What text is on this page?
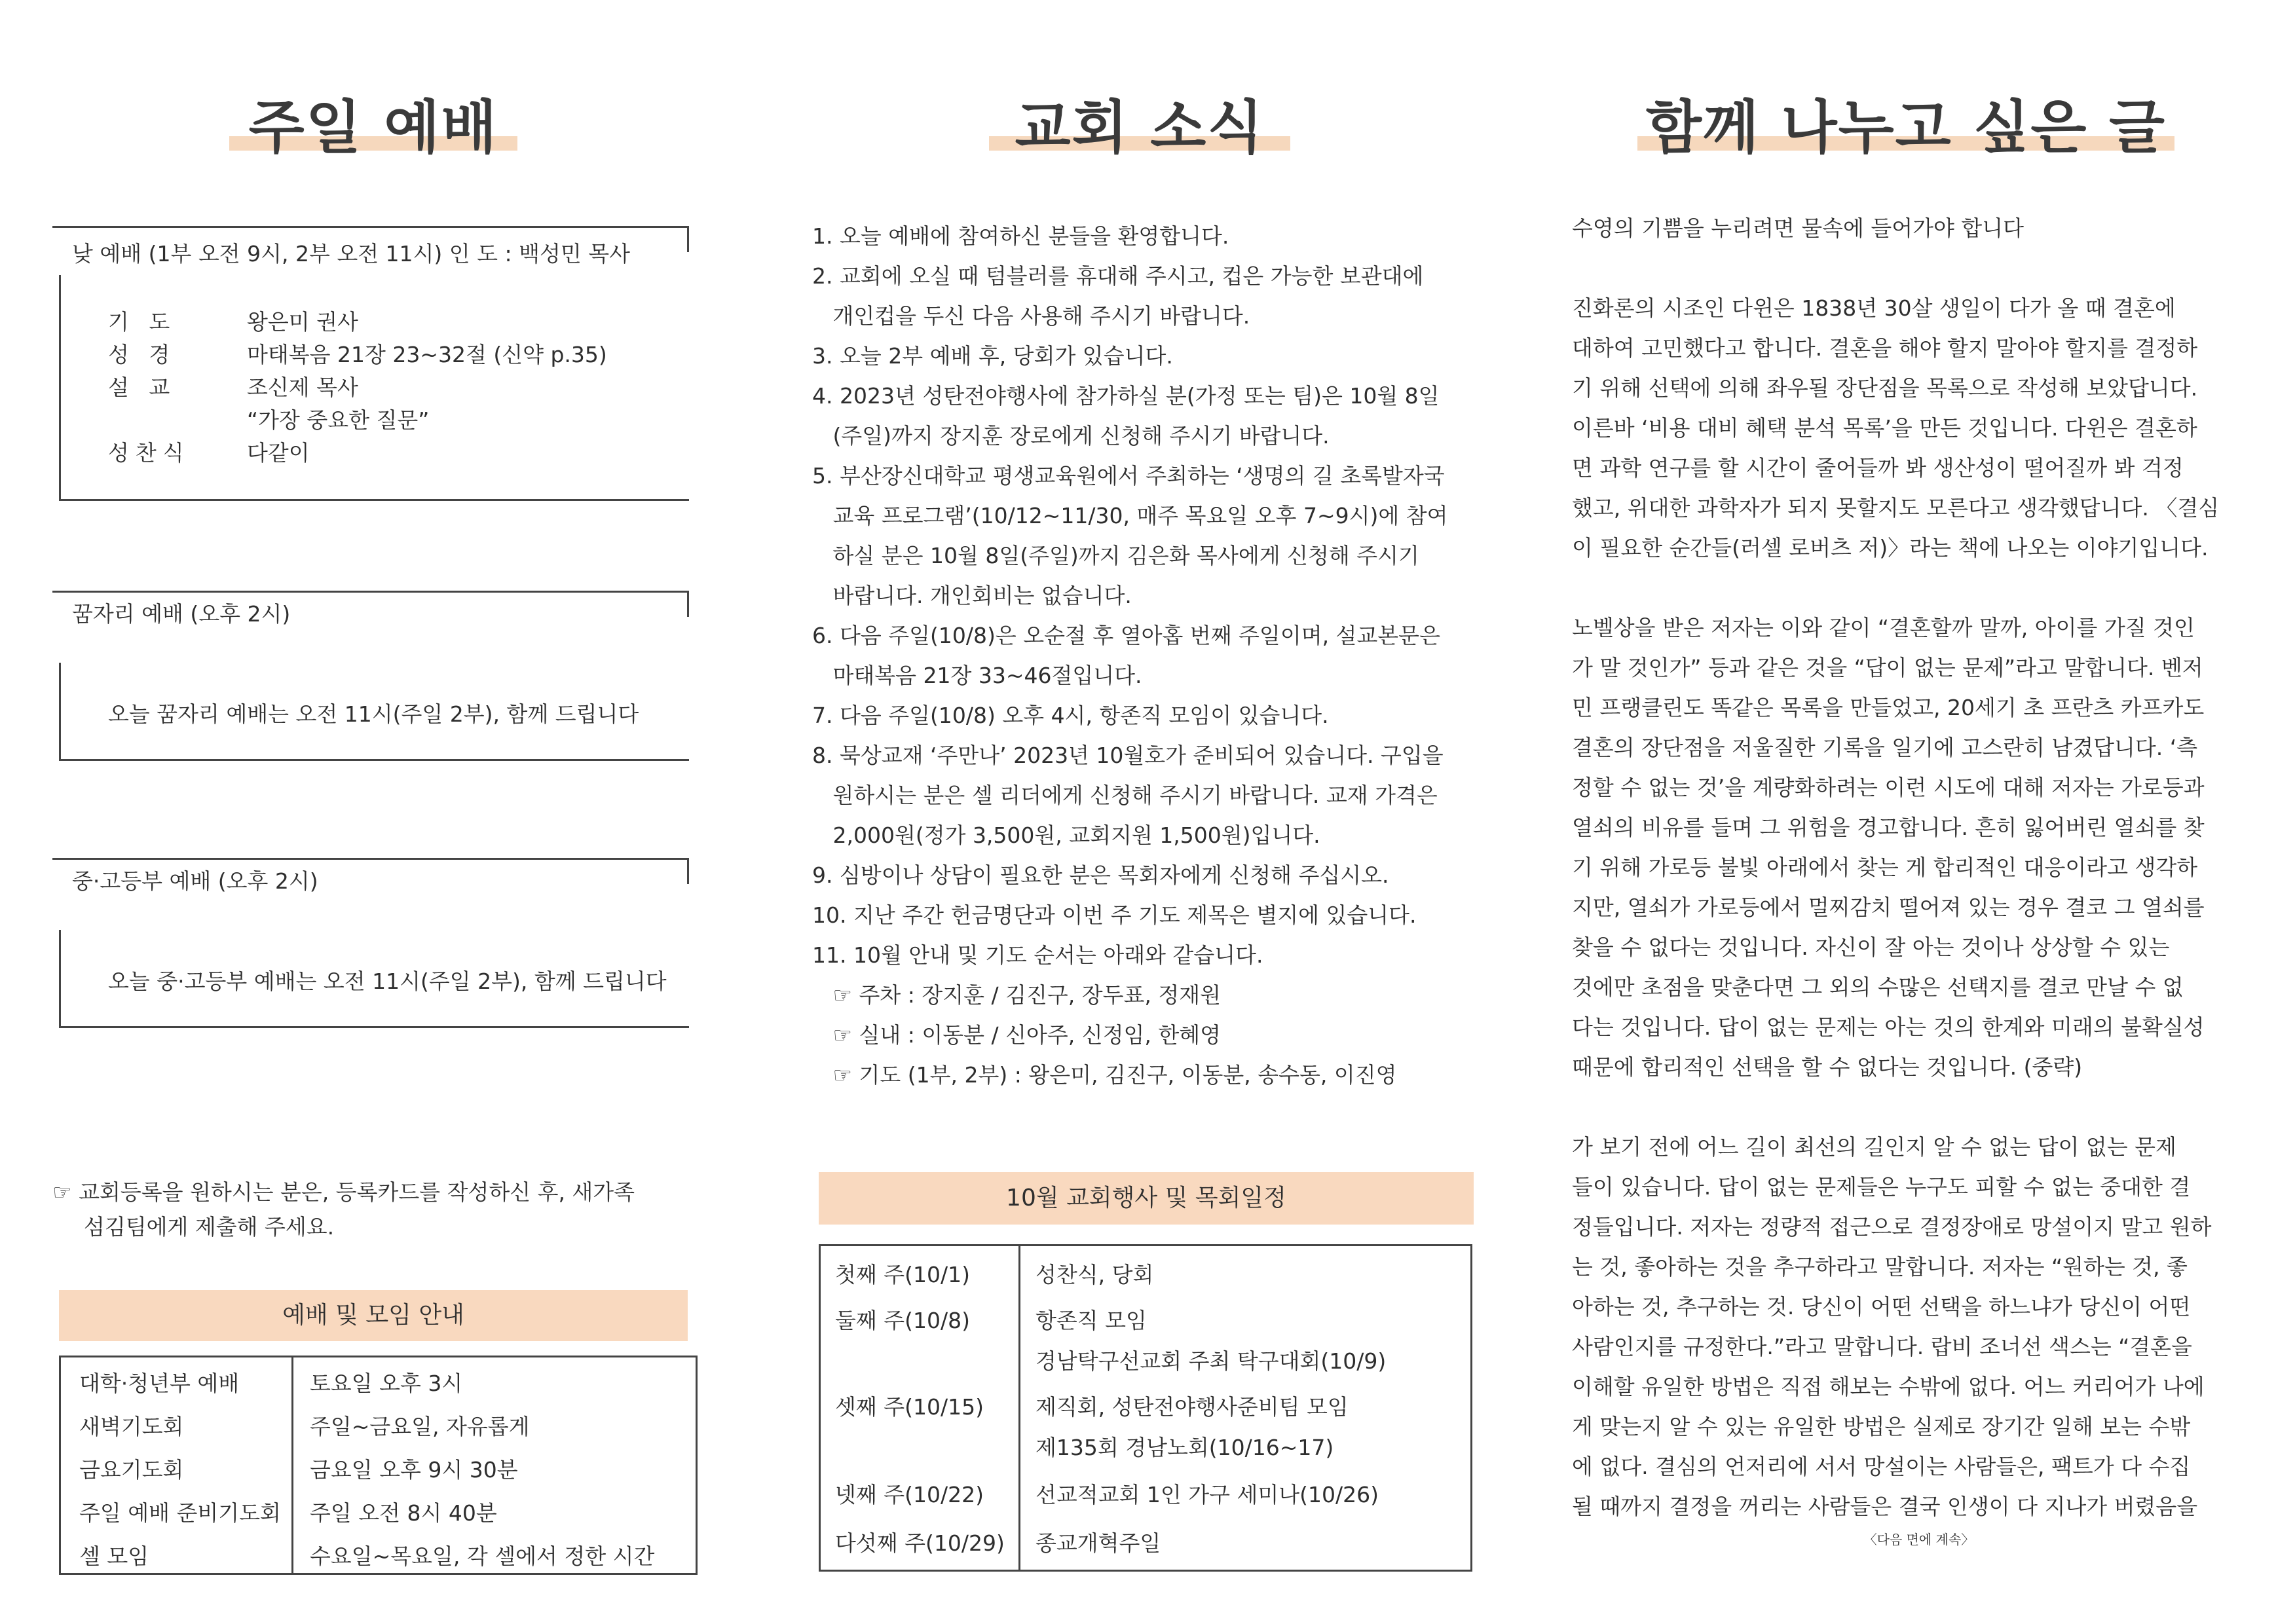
주일 예배
낮 예배 (1부 오전 9시, 2부 오전 11시) 인 도 : 백성민 목사
기 도	왕은미 권사
성 경	마태복음 21장 23~32절 (신약 p.35)
설 교	조신제 목사
“가장 중요한 질문”
성찬식	다같이
꿈자리 예배 (오후 2시)
오늘 꿈자리 예배는 오전 11시(주일 2부), 함께 드립니다
중·고등부 예배 (오후 2시)
오늘 중·고등부 예배는 오전 11시(주일 2부), 함께 드립니다
☞ 교회등록을 원하시는 분은, 등록카드를 작성하신 후, 새가족
섬김팀에게 제출해 주세요.
예배 및 모임 안내
대학·청년부 예배	토요일 오후 3시
새벽기도회	주일~금요일, 자유롭게
금요기도회	금요일 오후 9시 30분
주일 예배 준비기도회 주일 오전 8시 40분
셀 모임	수요일~목요일, 각 셀에서 정한 시간
교회 소식
1. 오늘 예배에 참여하신 분들을 환영합니다.
2. 교회에 오실 때 텀블러를 휴대해 주시고, 컵은 가능한 보관대에
개인컵을 두신 다음 사용해 주시기 바랍니다.
3. 오늘 2부 예배 후, 당회가 있습니다.
4. 2023년 성탄전야행사에 참가하실 분(가정 또는 팀)은 10월 8일
(주일)까지 장지훈 장로에게 신청해 주시기 바랍니다.
5. 부산장신대학교 평생교육원에서 주최하는 ‘생명의 길 초록발자국
교육 프로그램’(10/12~11/30, 매주 목요일 오후 7~9시)에 참여
하실 분은 10월 8일(주일)까지 김은화 목사에게 신청해 주시기
바랍니다. 개인회비는 없습니다.
6. 다음 주일(10/8)은 오순절 후 열아홉 번째 주일이며, 설교본문은
마태복음 21장 33~46절입니다.
7. 다음 주일(10/8) 오후 4시, 항존직 모임이 있습니다.
8. 묵상교재 ‘주만나’ 2023년 10월호가 준비되어 있습니다. 구입을
원하시는 분은 셀 리더에게 신청해 주시기 바랍니다. 교재 가격은
2,000원(정가 3,500원, 교회지원 1,500원)입니다.
9. 심방이나 상담이 필요한 분은 목회자에게 신청해 주십시오.
10. 지난 주간 헌금명단과 이번 주 기도 제목은 별지에 있습니다.
11. 10월 안내 및 기도 순서는 아래와 같습니다.
☞ 주차 : 장지훈 / 김진구, 장두표, 정재원
☞ 실내 : 이동분 / 신아주, 신정임, 한혜영
☞ 기도 (1부, 2부) : 왕은미, 김진구, 이동분, 송수동, 이진영
10월 교회행사 및 목회일정
첫째 주(10/1)	성찬식, 당회
둘째 주(10/8)	항존직 모임
경남탁구선교회 주최 탁구대회(10/9)
셋째 주(10/15) 제직회, 성탄전야행사준비팀 모임
제135회 경남노회(10/16~17)
넷째 주(10/22) 선교적교회 1인 가구 세미나(10/26)
다섯째 주(10/29) 종교개혁주일
함께 나누고 싶은 글
수영의 기쁨을 누리려면 물속에 들어가야 합니다
진화론의 시조인 다윈은 1838년 30살 생일이 다가 올 때 결혼에
대하여 고민했다고 합니다. 결혼을 해야 할지 말아야 할지를 결정하
기 위해 선택에 의해 좌우될 장단점을 목록으로 작성해 보았답니다.
이른바 ‘비용 대비 혜택 분석 목록’을 만든 것입니다. 다윈은 결혼하
면 과학 연구를 할 시간이 줄어들까 봐 생산성이 떨어질까 봐 걱정
했고, 위대한 과학자가 되지 못할지도 모른다고 생각했답니다. 〈결심
이 필요한 순간들(러셀 로버츠 저)〉라는 책에 나오는 이야기입니다.
노벨상을 받은 저자는 이와 같이 “결혼할까 말까, 아이를 가질 것인
가 말 것인가” 등과 같은 것을 “답이 없는 문제”라고 말합니다. 벤저
민 프랭클린도 똑같은 목록을 만들었고, 20세기 초 프란츠 카프카도
결혼의 장단점을 저울질한 기록을 일기에 고스란히 남겼답니다. ‘측
정할 수 없는 것’을 계량화하려는 이런 시도에 대해 저자는 가로등과
열쇠의 비유를 들며 그 위험을 경고합니다. 흔히 잃어버린 열쇠를 찾
기 위해 가로등 불빛 아래에서 찾는 게 합리적인 대응이라고 생각하
지만, 열쇠가 가로등에서 멀찌감치 떨어져 있는 경우 결코 그 열쇠를
찾을 수 없다는 것입니다. 자신이 잘 아는 것이나 상상할 수 있는
것에만 초점을 맞춘다면 그 외의 수많은 선택지를 결코 만날 수 없
다는 것입니다. 답이 없는 문제는 아는 것의 한계와 미래의 불확실성
때문에 합리적인 선택을 할 수 없다는 것입니다. (중략)
가 보기 전에 어느 길이 최선의 길인지 알 수 없는 답이 없는 문제
들이 있습니다. 답이 없는 문제들은 누구도 피할 수 없는 중대한 결
정들입니다. 저자는 정량적 접근으로 결정장애로 망설이지 말고 원하
는 것, 좋아하는 것을 추구하라고 말합니다. 저자는 “원하는 것, 좋
아하는 것, 추구하는 것. 당신이 어떤 선택을 하느냐가 당신이 어떤
사람인지를 규정한다.”라고 말합니다. 랍비 조너선 색스는 “결혼을
이해할 유일한 방법은 직접 해보는 수밖에 없다. 어느 커리어가 나에
게 맞는지 알 수 있는 유일한 방법은 실제로 장기간 일해 보는 수밖
에 없다. 결심의 언저리에 서서 망설이는 사람들은, 팩트가 다 수집
될 때까지 결정을 꺼리는 사람들은 결국 인생이 다 지나가 버렸음을
〈다음 면에 계속〉
